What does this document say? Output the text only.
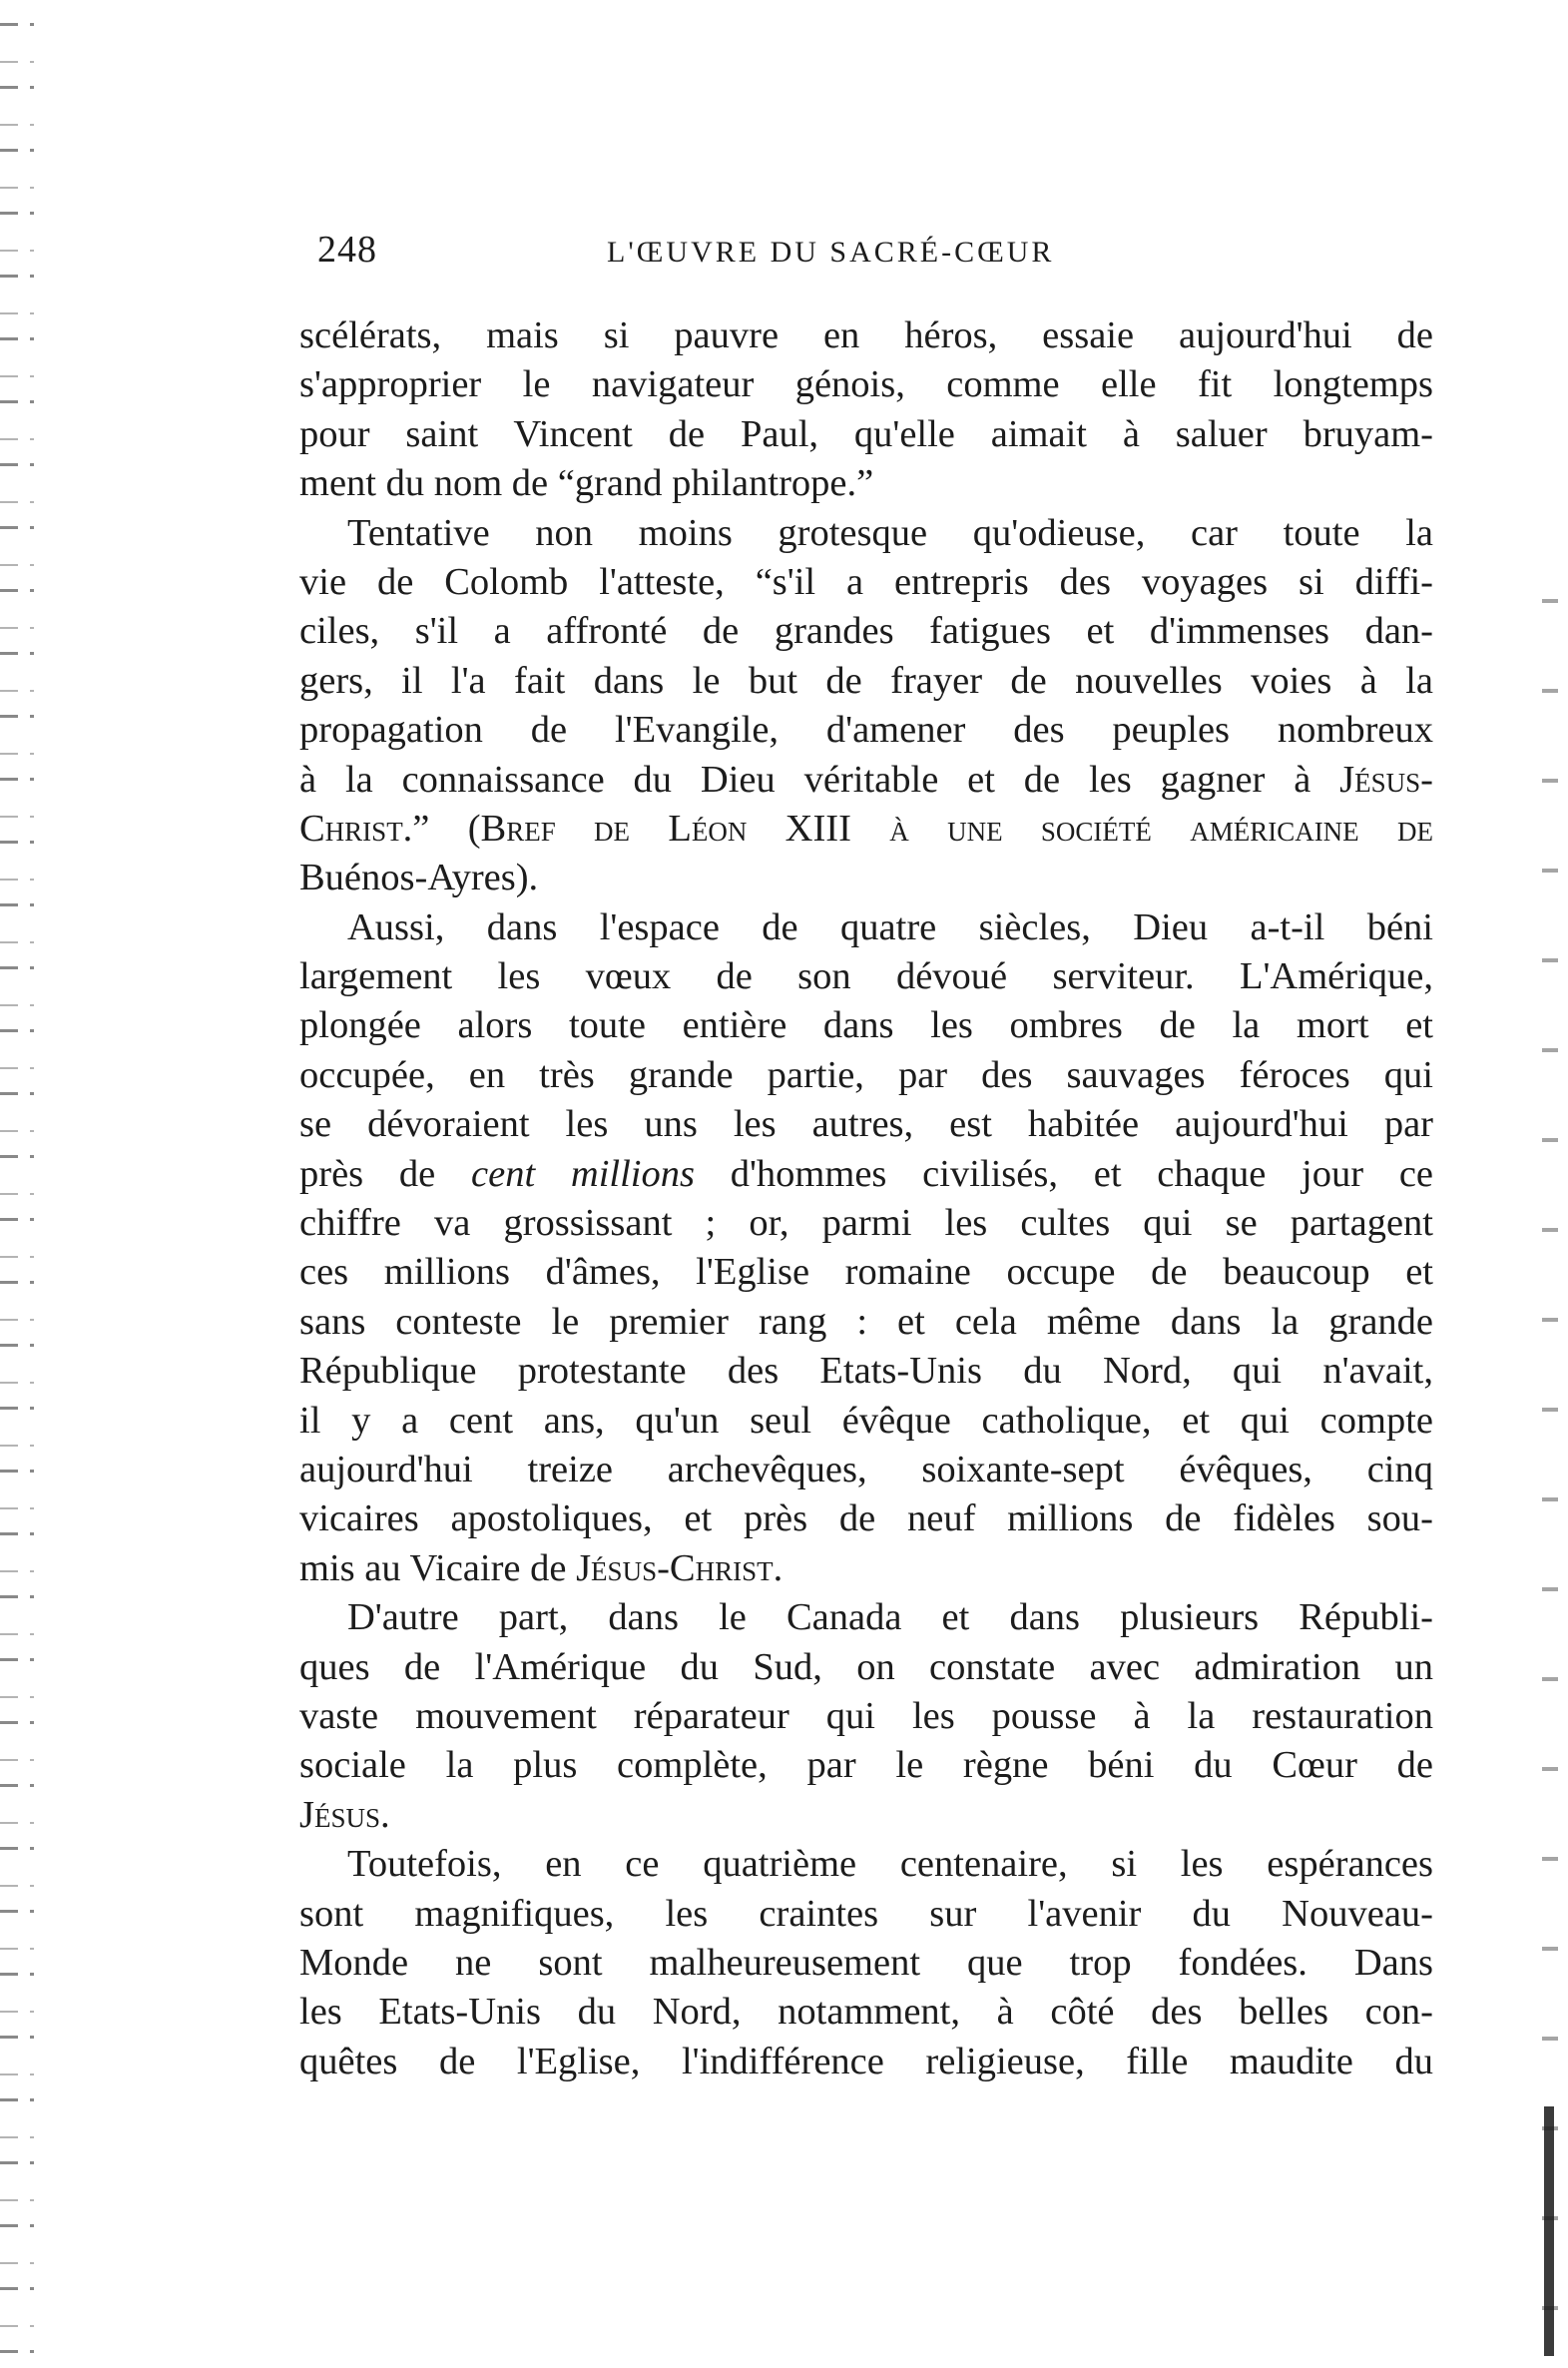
248	L'ŒUVRE DU SACRÉ-CŒUR
scélérats, mais si pauvre en héros, essaie aujourd'hui de
s'approprier le navigateur génois, comme elle fit longtemps
pour saint Vincent de Paul, qu'elle aimait à saluer bruyam-
ment du nom de “grand philantrope.”
Tentative non moins grotesque qu'odieuse, car toute la
vie de Colomb l'atteste, “s'il a entrepris des voyages si diffi-
ciles, s'il a affronté de grandes fatigues et d'immenses dan-
gers, il l'a fait dans le but de frayer de nouvelles voies à la
propagation de l'Evangile, d'amener des peuples nombreux
à la connaissance du Dieu véritable et de les gagner à Jésus-
Christ.” (Bref de Léon XIII à une société américaine de
Buénos-Ayres).
Aussi, dans l'espace de quatre siècles, Dieu a-t-il béni
largement les vœux de son dévoué serviteur. L'Amérique,
plongée alors toute entière dans les ombres de la mort et
occupée, en très grande partie, par des sauvages féroces qui
se dévoraient les uns les autres, est habitée aujourd'hui par
près de cent millions d'hommes civilisés, et chaque jour ce
chiffre va grossissant ; or, parmi les cultes qui se partagent
ces millions d'âmes, l'Eglise romaine occupe de beaucoup et
sans conteste le premier rang : et cela même dans la grande
République protestante des Etats-Unis du Nord, qui n'avait,
il y a cent ans, qu'un seul évêque catholique, et qui compte
aujourd'hui treize archevêques, soixante-sept évêques, cinq
vicaires apostoliques, et près de neuf millions de fidèles sou-
mis au Vicaire de Jésus-Christ.
D'autre part, dans le Canada et dans plusieurs Républi-
ques de l'Amérique du Sud, on constate avec admiration un
vaste mouvement réparateur qui les pousse à la restauration
sociale la plus complète, par le règne béni du Cœur de
Jésus.
Toutefois, en ce quatrième centenaire, si les espérances
sont magnifiques, les craintes sur l'avenir du Nouveau-
Monde ne sont malheureusement que trop fondées. Dans
les Etats-Unis du Nord, notamment, à côté des belles con-
quêtes de l'Eglise, l'indifférence religieuse, fille maudite du
